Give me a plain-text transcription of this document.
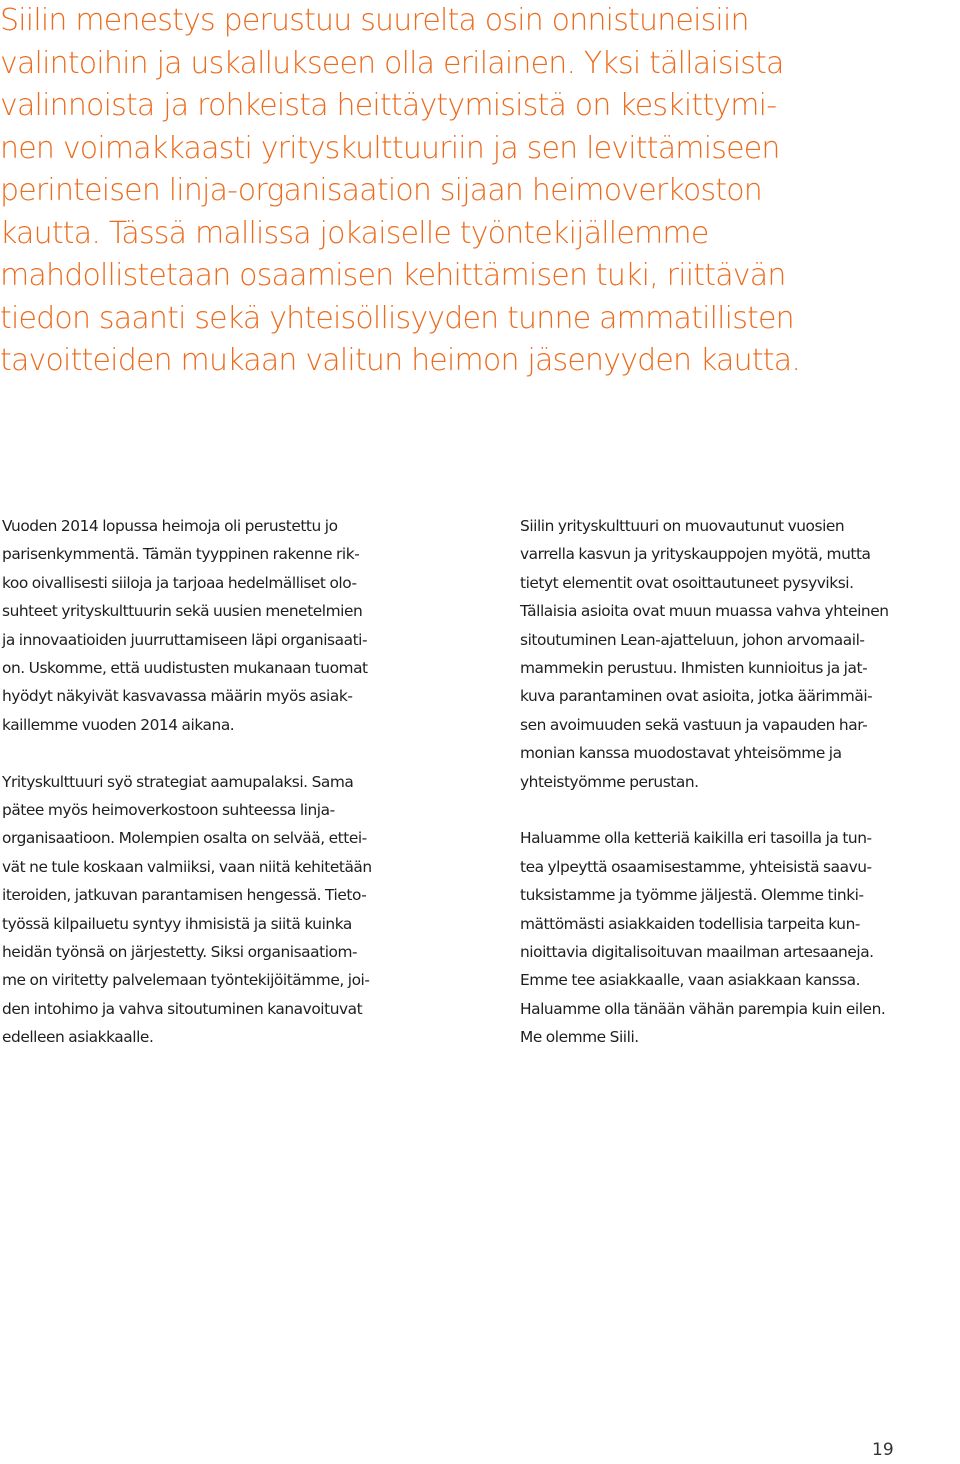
Siilin menestys perustuu suurelta osin onnistuneisiin
valintoihin ja uskallukseen olla erilainen. Yksi tällaisista
valinnoista ja rohkeista heittäytymisistä on keskittymi-
nen voimakkaasti yrityskulttuuriin ja sen levittämiseen
perinteisen linja-organisaation sijaan heimoverkoston
kautta. Tässä mallissa jokaiselle työntekijällemme
mahdollistetaan osaamisen kehittämisen tuki, riittävän
tiedon saanti sekä yhteisöllisyyden tunne ammatillisten
tavoitteiden mukaan valitun heimon jäsenyyden kautta.

Vuoden 2014 lopussa heimoja oli perustettu jo
parisenkymmentä. Tämän tyyppinen rakenne rik-
koo oivallisesti siiloja ja tarjoaa hedelmälliset olo-
suhteet yrityskulttuurin sekä uusien menetelmien
ja innovaatioiden juurruttamiseen läpi organisaati-
on. Uskomme, että uudistusten mukanaan tuomat
hyödyt näkyivät kasvavassa määrin myös asiak-
kaillemme vuoden 2014 aikana.

Yrityskulttuuri syö strategiat aamupalaksi. Sama
pätee myös heimoverkostoon suhteessa linja-
organisaatioon. Molempien osalta on selvää, ettei-
vät ne tule koskaan valmiiksi, vaan niitä kehitetään
iteroiden, jatkuvan parantamisen hengessä. Tieto-
työssä kilpailuetu syntyy ihmisistä ja siitä kuinka
heidän työnsä on järjestetty. Siksi organisaatiom-
me on viritetty palvelemaan työntekijöitämme, joi-
den intohimo ja vahva sitoutuminen kanavoituvat
edelleen asiakkaalle.

Siilin yrityskulttuuri on muovautunut vuosien
varrella kasvun ja yrityskauppojen myötä, mutta
tietyt elementit ovat osoittautuneet pysyviksi.
Tällaisia asioita ovat muun muassa vahva yhteinen
sitoutuminen Lean-ajatteluun, johon arvomaail-
mammekin perustuu. Ihmisten kunnioitus ja jat-
kuva parantaminen ovat asioita, jotka äärimmäi-
sen avoimuuden sekä vastuun ja vapauden har-
monian kanssa muodostavat yhteisömme ja
yhteistyömme perustan.

Haluamme olla ketteriä kaikilla eri tasoilla ja tun-
tea ylpeyttä osaamisestamme, yhteisistä saavu-
tuksistamme ja työmme jäljestä. Olemme tinki-
mättömästi asiakkaiden todellisia tarpeita kun-
nioittavia digitalisoituvan maailman artesaaneja.
Emme tee asiakkaalle, vaan asiakkaan kanssa.
Haluamme olla tänään vähän parempia kuin eilen.
Me olemme Siili.

19
